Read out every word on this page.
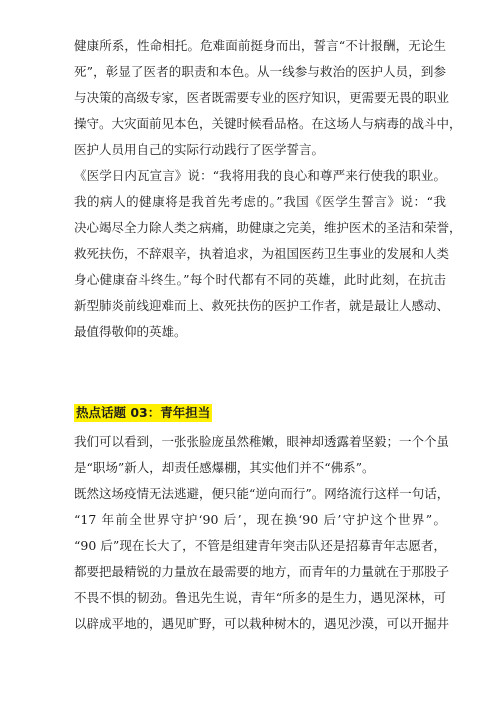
健康所系，性命相托。危难面前挺身而出，誓言“不计报酬，无论生
死”，彰显了医者的职责和本色。从一线参与救治的医护人员，到参
与决策的高级专家，医者既需要专业的医疗知识，更需要无畏的职业
操守。大灾面前见本色，关键时候看品格。在这场人与病毒的战斗中，
医护人员用自己的实际行动践行了医学誓言。
《医学日内瓦宣言》说：“我将用我的良心和尊严来行使我的职业。
我的病人的健康将是我首先考虑的。”我国《医学生誓言》说：“我
决心竭尽全力除人类之病痛，助健康之完美，维护医术的圣洁和荣誉，
救死扶伤，不辞艰辛，执着追求，为祖国医药卫生事业的发展和人类
身心健康奋斗终生。”每个时代都有不同的英雄，此时此刻，在抗击
新型肺炎前线迎难而上、救死扶伤的医护工作者，就是最让人感动、
最值得敬仰的英雄。
热点话题 03：青年担当
我们可以看到，一张张脸庞虽然稚嫩，眼神却透露着坚毅；一个个虽
是“职场”新人，却责任感爆棚，其实他们并不“佛系”。
既然这场疫情无法逃避，便只能“逆向而行”。网络流行这样一句话，
“17 年前全世界守护‘90 后’，现在换‘90 后’守护这个世界”。
“90 后”现在长大了，不管是组建青年突击队还是招募青年志愿者，
都要把最精锐的力量放在最需要的地方，而青年的力量就在于那股子
不畏不惧的韧劲。鲁迅先生说，青年“所多的是生力，遇见深林，可
以辟成平地的，遇见旷野，可以栽种树木的，遇见沙漠，可以开掘井
